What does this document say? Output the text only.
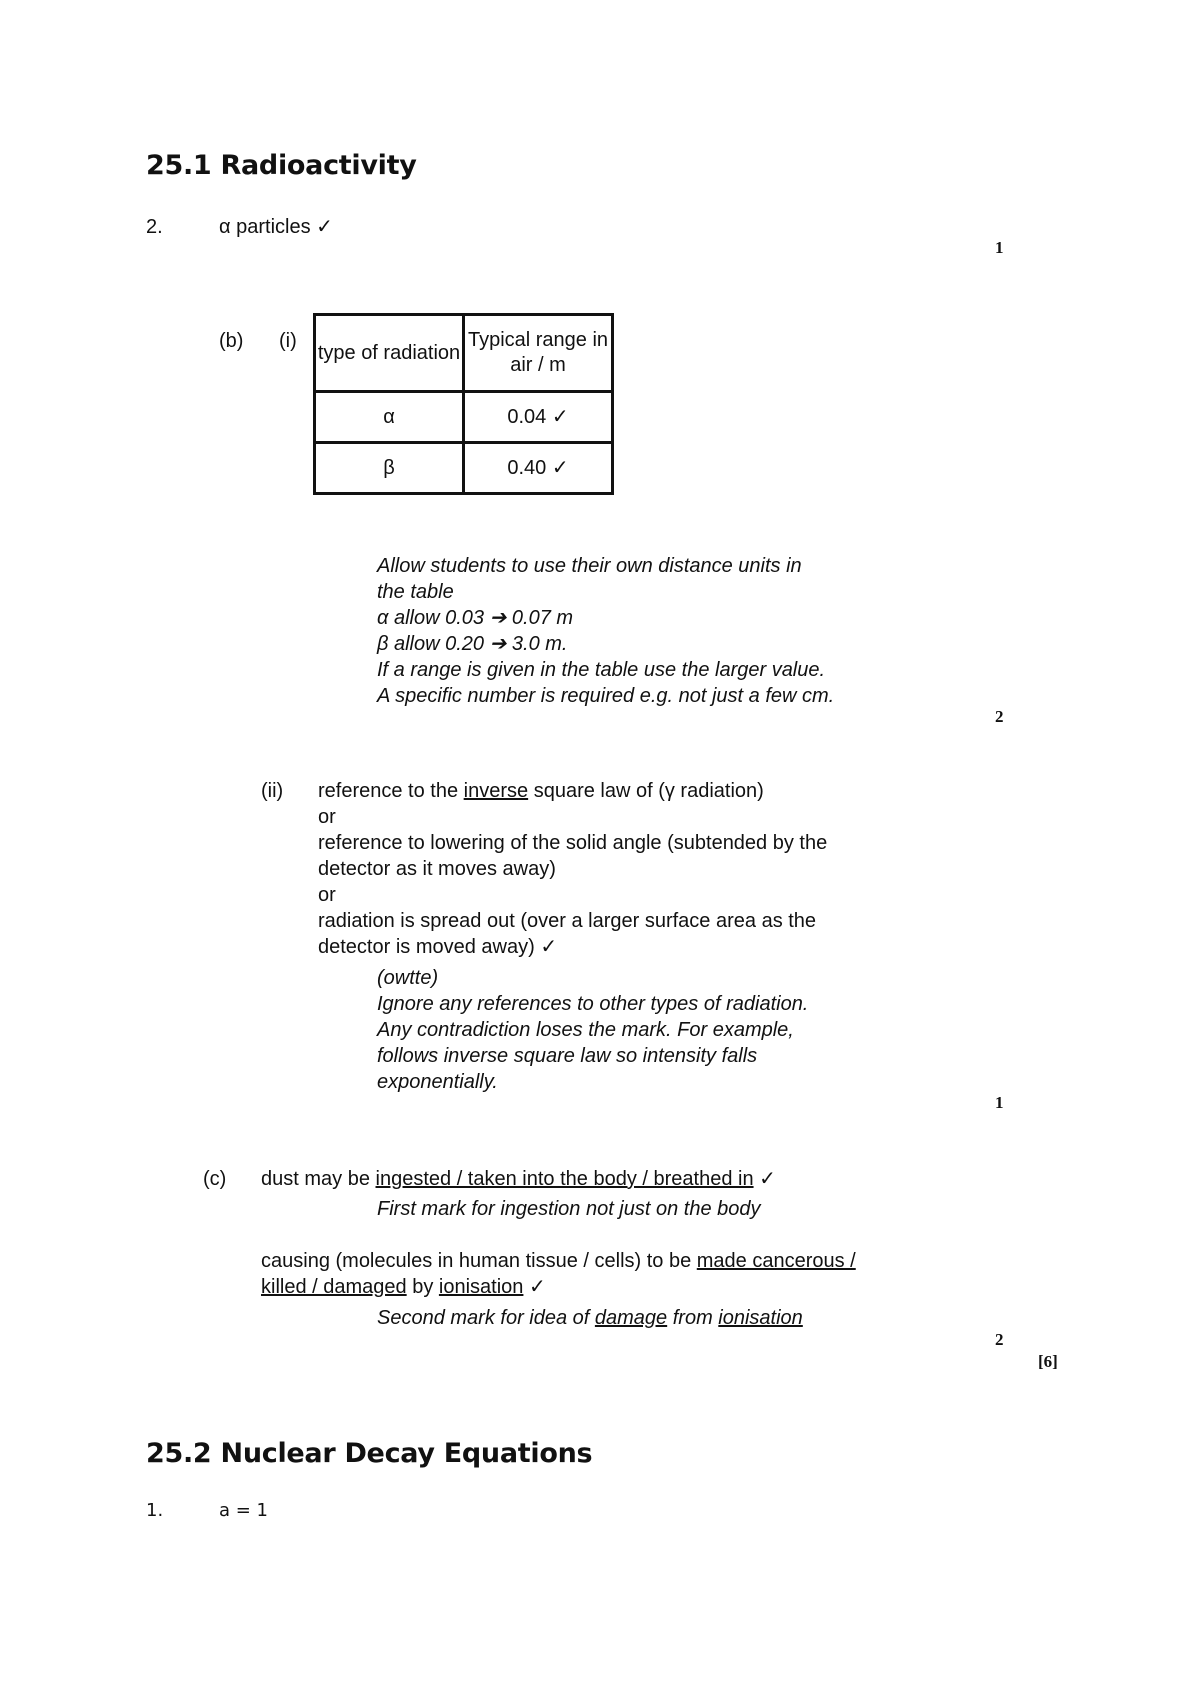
25.1 Radioactivity
2.	α particles ✓
1
(b) (i)
type of radiation	Typical range in air / m
α	0.04 ✓
β	0.40 ✓
Allow students to use their own distance units in
the table
α allow 0.03 ➔ 0.07 m
β allow 0.20 ➔ 3.0 m.
If a range is given in the table use the larger value.
A specific number is required e.g. not just a few cm.
2
(ii) reference to the inverse square law of (γ radiation)
or
reference to lowering of the solid angle (subtended by the
detector as it moves away)
or
radiation is spread out (over a larger surface area as the
detector is moved away) ✓
(owtte)
Ignore any references to other types of radiation.
Any contradiction loses the mark. For example,
follows inverse square law so intensity falls
exponentially.
1
(c) dust may be ingested / taken into the body / breathed in ✓
First mark for ingestion not just on the body
causing (molecules in human tissue / cells) to be made cancerous /
killed / damaged by ionisation ✓
Second mark for idea of damage from ionisation
2
[6]
25.2 Nuclear Decay Equations
1.	a = 1
